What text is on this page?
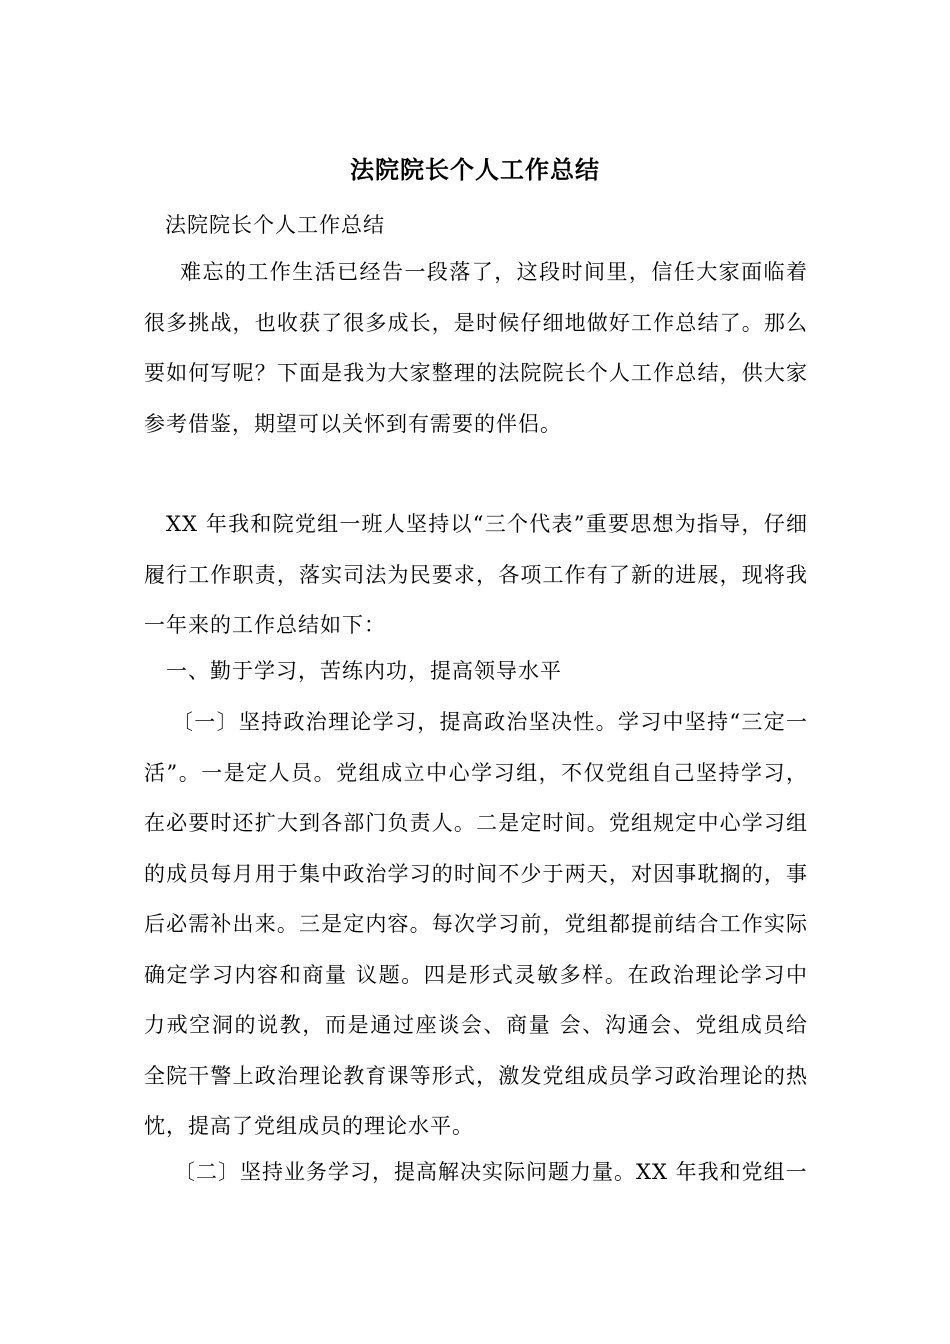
法院院长个人工作总结
法院院长个人工作总结
难忘的工作生活已经告一段落了，这段时间里，信任大家面临着很多挑战，也收获了很多成长，是时候仔细地做好工作总结了。那么要如何写呢？下面是我为大家整理的法院院长个人工作总结，供大家参考借鉴，期望可以关怀到有需要的伴侣。
XX 年我和院党组一班人坚持以“三个代表”重要思想为指导，仔细履行工作职责，落实司法为民要求，各项工作有了新的进展，现将我一年来的工作总结如下：
一、勤于学习，苦练内功，提高领导水平
〔一〕坚持政治理论学习，提高政治坚决性。学习中坚持“三定一活”。一是定人员。党组成立中心学习组，不仅党组自己坚持学习，在必要时还扩大到各部门负责人。二是定时间。党组规定中心学习组的成员每月用于集中政治学习的时间不少于两天，对因事耽搁的，事后必需补出来。三是定内容。每次学习前，党组都提前结合工作实际确定学习内容和商量 议题。四是形式灵敏多样。在政治理论学习中力戒空洞的说教，而是通过座谈会、商量 会、沟通会、党组成员给全院干警上政治理论教育课等形式，激发党组成员学习政治理论的热忱，提高了党组成员的理论水平。
〔二〕坚持业务学习，提高解决实际问题力量。XX 年我和党组一
